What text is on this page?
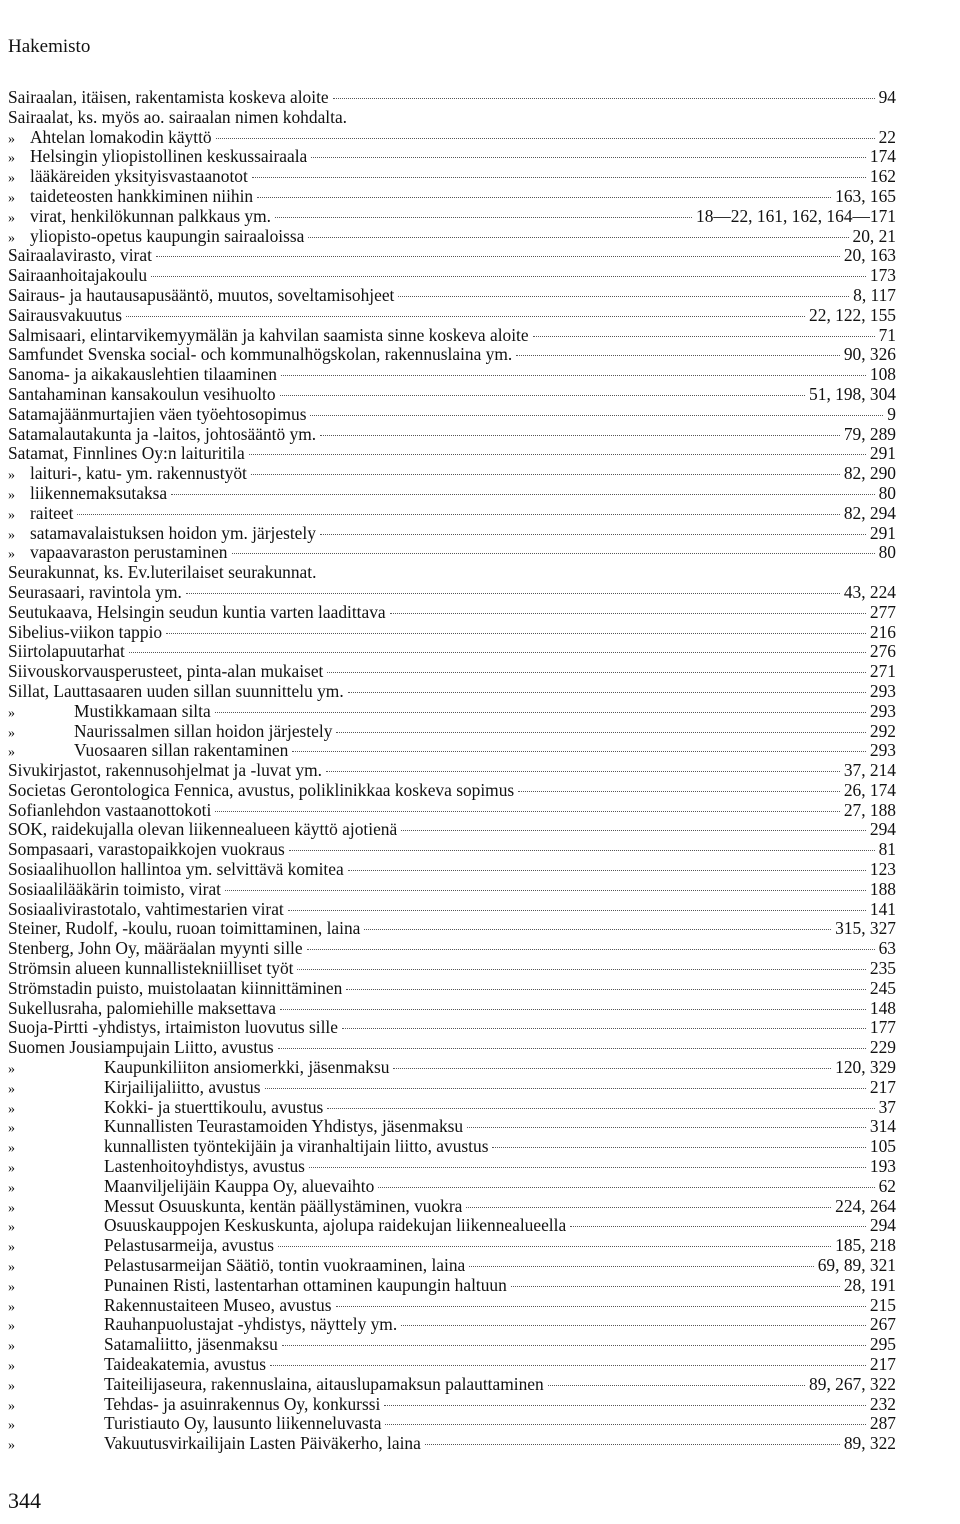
Hakemisto
Sairaalan, itäisen, rakentamista koskeva aloite	94
Sairaalat, ks. myös ao. sairaalan nimen kohdalta.
» Ahtelan lomakodin käyttö	22
» Helsingin yliopistollinen keskussairaala	174
» lääkäreiden yksityisvastaanotot	162
» taideteosten hankkiminen niihin	163, 165
» virat, henkilökunnan palkkaus ym.	18—22, 161, 162, 164—171
» yliopisto-opetus kaupungin sairaaloissa	20, 21
Sairaalavirasto, virat	20, 163
Sairaanhoitajakoulu	173
Sairaus- ja hautausapusääntö, muutos, soveltamisohjeet	8, 117
Sairausvakuutus	22, 122, 155
Salmisaari, elintarvikemyymälän ja kahvilan saamista sinne koskeva aloite	71
Samfundet Svenska social- och kommunalhögskolan, rakennuslaina ym.	90, 326
Sanoma- ja aikakauslehtien tilaaminen	108
Santahaminan kansakoulun vesihuolto	51, 198, 304
Satamajäänmurtajien väen työehtosopimus	9
Satamalautakunta ja -laitos, johtosääntö ym.	79, 289
Satamat, Finnlines Oy:n laituritila	291
» laituri-, katu- ym. rakennustyöt	82, 290
» liikennemaksutaksa	80
» raiteet	82, 294
» satamavalaistuksen hoidon ym. järjestely	291
» vapaavaraston perustaminen	80
Seurakunnat, ks. Ev.luterilaiset seurakunnat.
Seurasaari, ravintola ym.	43, 224
Seutukaava, Helsingin seudun kuntia varten laadittava	277
Sibelius-viikon tappio	216
Siirtolapuutarhat	276
Siivouskorvausperusteet, pinta-alan mukaiset	271
Sillat, Lauttasaaren uuden sillan suunnittelu ym.	293
»	Mustikkamaan silta	293
»	Naurissalmen sillan hoidon järjestely	292
»	Vuosaaren sillan rakentaminen	293
Sivukirjastot, rakennusohjelmat ja -luvat ym.	37, 214
Societas Gerontologica Fennica, avustus, poliklinikkaa koskeva sopimus	26, 174
Sofianlehdon vastaanottokoti	27, 188
SOK, raidekujalla olevan liikennealueen käyttö ajotienä	294
Sompasaari, varastopaikkojen vuokraus	81
Sosiaalihuollon hallintoa ym. selvittävä komitea	123
Sosiaalilääkärin toimisto, virat	188
Sosiaalivirastotalo, vahtimestarien virat	141
Steiner, Rudolf, -koulu, ruoan toimittaminen, laina	315, 327
Stenberg, John Oy, määräalan myynti sille	63
Strömsin alueen kunnallistekniilliset työt	235
Strömstadin puisto, muistolaatan kiinnittäminen	245
Sukellusraha, palomiehille maksettava	148
Suoja-Pirtti -yhdistys, irtaimiston luovutus sille	177
Suomen Jousiampujain Liitto, avustus	229
»	Kaupunkiliiton ansiomerkki, jäsenmaksu	120, 329
»	Kirjailijaliitto, avustus	217
»	Kokki- ja stuerttikoulu, avustus	37
»	Kunnallisten Teurastamoiden Yhdistys, jäsenmaksu	314
»	kunnallisten työntekijäin ja viranhaltijain liitto, avustus	105
»	Lastenhoitoyhdistys, avustus	193
»	Maanviljelijäin Kauppa Oy, aluevaihto	62
»	Messut Osuuskunta, kentän päällystäminen, vuokra	224, 264
»	Osuuskauppojen Keskuskunta, ajolupa raidekujan liikennealueella	294
»	Pelastusarmeija, avustus	185, 218
»	Pelastusarmeijan Säätiö, tontin vuokraaminen, laina	69, 89, 321
»	Punainen Risti, lastentarhan ottaminen kaupungin haltuun	28, 191
»	Rakennustaiteen Museo, avustus	215
»	Rauhanpuolustajat -yhdistys, näyttely ym.	267
»	Satamaliitto, jäsenmaksu	295
»	Taideakatemia, avustus	217
»	Taiteilijaseura, rakennuslaina, aitauslupamaksun palauttaminen	89, 267, 322
»	Tehdas- ja asuinrakennus Oy, konkurssi	232
»	Turistiauto Oy, lausunto liikenneluvasta	287
»	Vakuutusvirkailijain Lasten Päiväkerho, laina	89, 322
344
